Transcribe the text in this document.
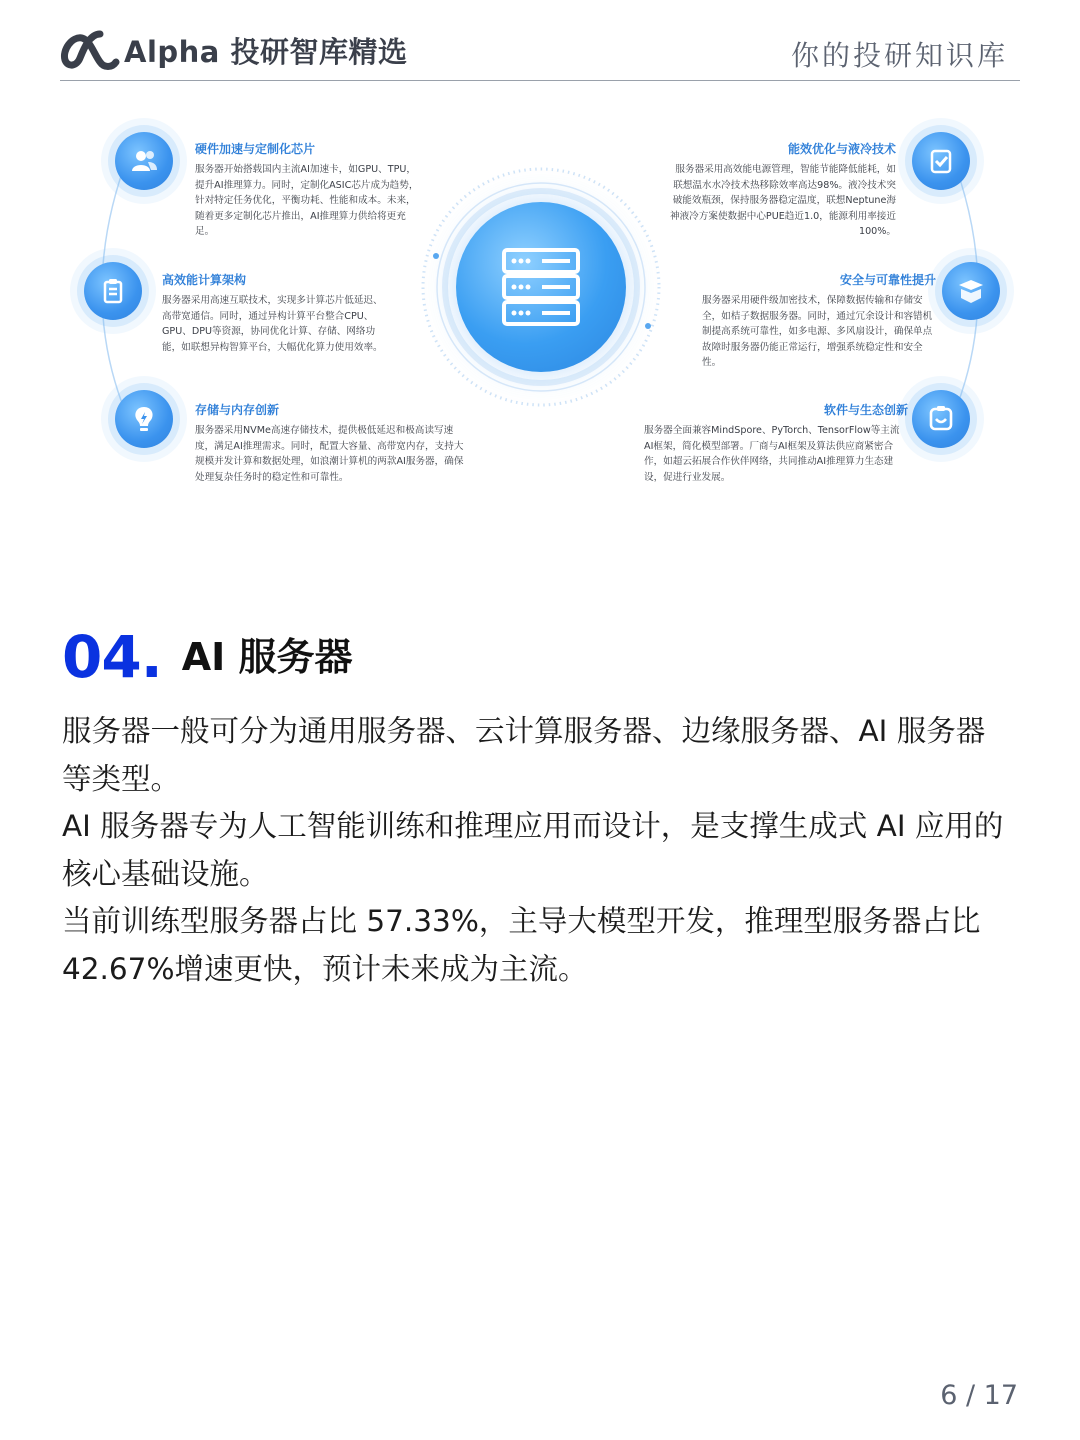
Alpha 投研智库精选	你的投研知识库
硬件加速与定制化芯片
服务器开始搭载国内主流AI加速卡，如GPU、TPU，提升AI推理算力。同时，定制化ASIC芯片成为趋势，针对特定任务优化，平衡功耗、性能和成本。未来，随着更多定制化芯片推出，AI推理算力供给将更充足。
高效能计算架构
服务器采用高速互联技术，实现多计算芯片低延迟、高带宽通信。同时，通过异构计算平台整合CPU、GPU、DPU等资源，协同优化计算、存储、网络功能，如联想异构智算平台，大幅优化算力使用效率。
存储与内存创新
服务器采用NVMe高速存储技术，提供极低延迟和极高读写速度，满足AI推理需求。同时，配置大容量、高带宽内存，支持大规模并发计算和数据处理，如浪潮计算机的两款AI服务器，确保处理复杂任务时的稳定性和可靠性。
能效优化与液冷技术
服务器采用高效能电源管理，智能节能降低能耗，如联想温水水冷技术热移除效率高达98%。液冷技术突破能效瓶颈，保持服务器稳定温度，联想Neptune海神液冷方案使数据中心PUE趋近1.0，能源利用率接近100%。
安全与可靠性提升
服务器采用硬件级加密技术，保障数据传输和存储安全，如桔子数据服务器。同时，通过冗余设计和容错机制提高系统可靠性，如多电源、多风扇设计，确保单点故障时服务器仍能正常运行，增强系统稳定性和安全性。
软件与生态创新
服务器全面兼容MindSpore、PyTorch、TensorFlow等主流AI框架，简化模型部署。厂商与AI框架及算法供应商紧密合作，如超云拓展合作伙伴网络，共同推动AI推理算力生态建设，促进行业发展。
04. AI 服务器

服务器一般可分为通用服务器、云计算服务器、边缘服务器、AI 服务器等类型。

AI 服务器专为人工智能训练和推理应用而设计，是支撑生成式 AI 应用的核心基础设施。

当前训练型服务器占比 57.33%，主导大模型开发，推理型服务器占比 42.67%增速更快，预计未来成为主流。

6 / 17
